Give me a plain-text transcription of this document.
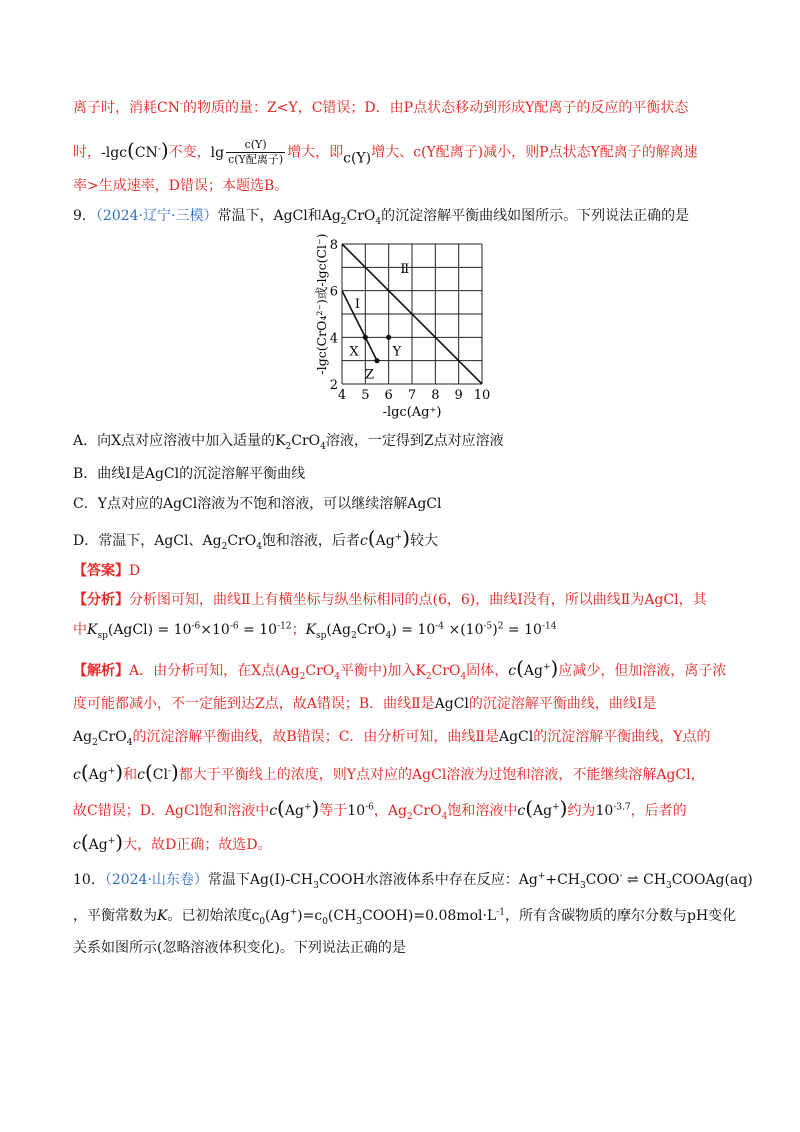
离子时，消耗CN-的物质的量：Z<Y，C错误；D．由P点状态移动到形成Y配离子的反应的平衡状态
时，-lgc(CN-)不变，$\lg \frac{c(Y)}{\text{c(Y配离子)}}$ 增大，即c(Y)增大、c(Y配离子)减小，则P点状态Y配离子的解离速
率>生成速率，D错误；本题选B。
9．（2024·辽宁·三模）常温下，AgCl和$Ag_2CrO_4$的沉淀溶解平衡曲线如图所示。下列说法正确的是
Ⅰ
Ⅱ
X	Y
Z
4 5 6 7 8 9 10
2
4
6
8
-lgc(Ag⁺)
-lgc(CrO₄²⁻)或-lgc(Cl⁻)
A．向X点对应溶液中加入适量的$K_2CrO_4$溶液，一定得到Z点对应溶液
B．曲线Ⅰ是AgCl的沉淀溶解平衡曲线
C．Y点对应的AgCl溶液为不饱和溶液，可以继续溶解AgCl
D．常温下，AgCl、$Ag_2CrO_4$饱和溶液，后者c(Ag+)较大
【答案】D
【分析】分析图可知，曲线Ⅱ上有横坐标与纵坐标相同的点(6，6)，曲线Ⅰ没有，所以曲线Ⅱ为AgCl，其
中$K_{sp}(AgCl) = 10^{-6}\times 10^{-6} = 10^{-12}$；$K_{sp}(Ag_2CrO_4) = 10^{-4} \times(10^{-5})^2 = 10^{-14}$
【解析】A．由分析可知，在X点($Ag_2CrO_4$平衡中)加入$K_2CrO_4$固体，c(Ag+)应减少，但加溶液，离子浓
度可能都减小，不一定能到达Z点，故A错误；B．曲线Ⅱ是AgCl的沉淀溶解平衡曲线，曲线Ⅰ是
$Ag_2CrO_4$的沉淀溶解平衡曲线，故B错误；C．由分析可知，曲线Ⅱ是AgCl的沉淀溶解平衡曲线，Y点的
c(Ag+)和c(Cl-)都大于平衡线上的浓度，则Y点对应的AgCl溶液为过饱和溶液，不能继续溶解AgCl，
故C错误；D．AgCl饱和溶液中c(Ag+)等于$10^{-6}$，$Ag_2CrO_4$饱和溶液中c(Ag+)约为$10^{-3.7}$，后者的
c(Ag+)大，故D正确；故选D。
10．（2024·山东卷）常温下$Ag(Ⅰ)-CH_3COOH$水溶液体系中存在反应：$Ag^++CH_3COO^-$ ⇌ $CH_3COOAg(aq)$
，平衡常数为K。已初始浓度$c_0(Ag^+)=c_0(CH_3COOH)=0.08mol\cdot L^{-1}$，所有含碳物质的摩尔分数与pH变化
关系如图所示(忽略溶液体积变化)。下列说法正确的是
